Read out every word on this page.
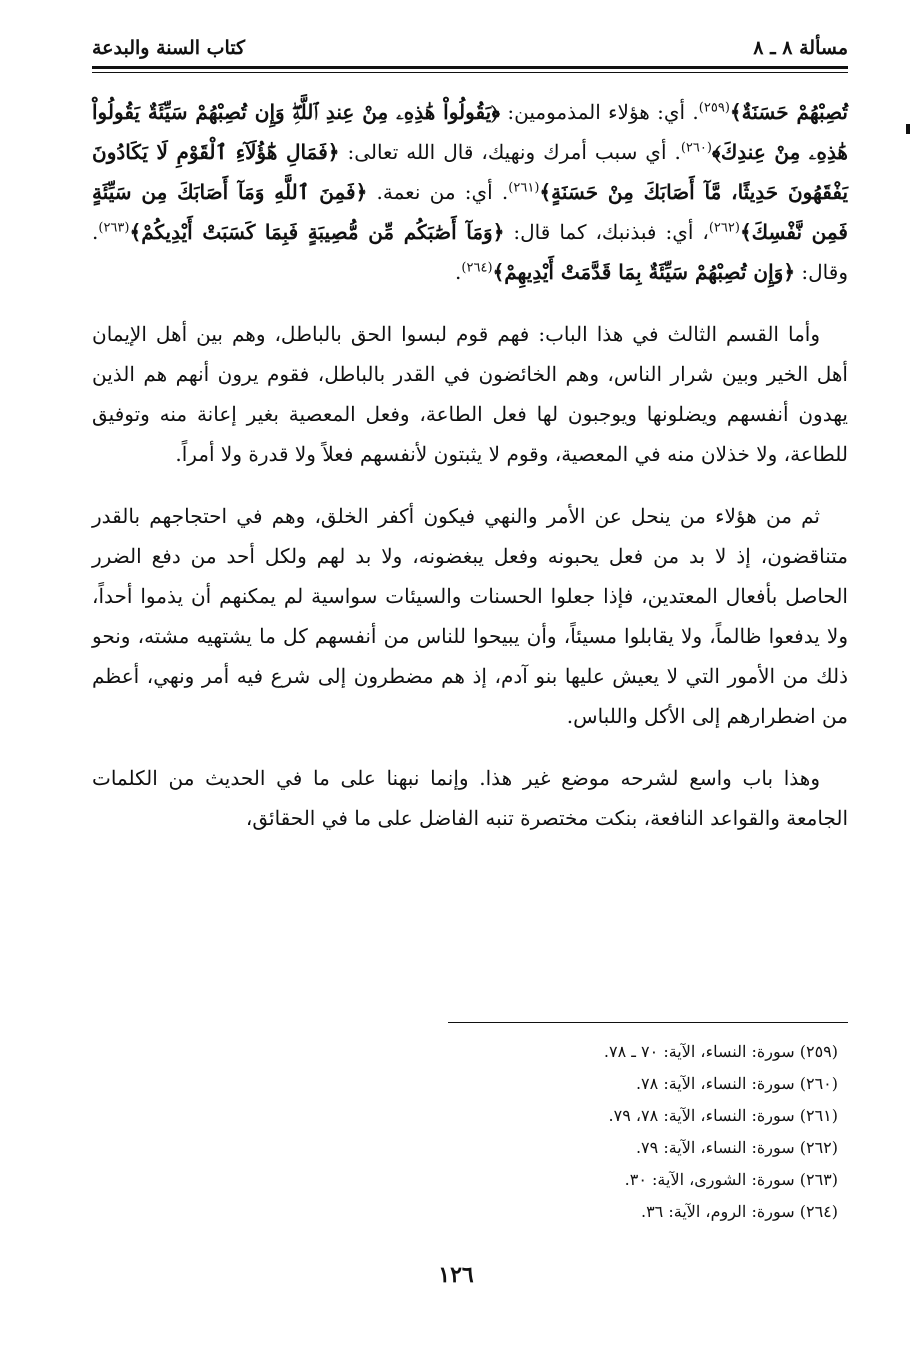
مسألة ٨ ـ ٨
كتاب السنة والبدعة

تُصِبْهُمْ حَسَنَةٌ﴾$^{(٢٥٩)}$. أي: هؤلاء المذمومين: ﴿يَقُولُواْ هَٰذِهِۦ مِنْ عِندِ ٱللَّهِۖ وَإِن تُصِبْهُمْ سَيِّئَةٌ يَقُولُواْ هَٰذِهِۦ مِنْ عِندِكَ﴾$^{(٢٦٠)}$. أي سبب أمرك ونهيك، قال الله تعالى: ﴿فَمَالِ هَٰٓؤُلَآءِ ٱلْقَوْمِ لَا يَكَادُونَ يَفْقَهُونَ حَدِيثًا، مَّآ أَصَابَكَ مِنْ حَسَنَةٍ﴾$^{(٢٦١)}$. أي: من نعمة. ﴿فَمِنَ ٱللَّهِ وَمَآ أَصَابَكَ مِن سَيِّئَةٍ فَمِن نَّفْسِكَ﴾$^{(٢٦٢)}$، أي: فبذنبك، كما قال: ﴿وَمَآ أَصَٰبَكُم مِّن مُّصِيبَةٍ فَبِمَا كَسَبَتْ أَيْدِيكُمْ﴾$^{(٢٦٣)}$. وقال: ﴿وَإِن تُصِبْهُمْ سَيِّئَةٌ بِمَا قَدَّمَتْ أَيْدِيهِمْ﴾$^{(٢٦٤)}$.

وأما القسم الثالث في هذا الباب: فهم قوم لبسوا الحق بالباطل، وهم بين أهل الإيمان أهل الخير وبين شرار الناس، وهم الخائضون في القدر بالباطل، فقوم يرون أنهم هم الذين يهدون أنفسهم ويضلونها ويوجبون لها فعل الطاعة، وفعل المعصية بغير إعانة منه وتوفيق للطاعة، ولا خذلان منه في المعصية، وقوم لا يثبتون لأنفسهم فعلاً ولا قدرة ولا أمراً.

ثم من هؤلاء من ينحل عن الأمر والنهي فيكون أكفر الخلق، وهم في احتجاجهم بالقدر متناقضون، إذ لا بد من فعل يحبونه وفعل يبغضونه، ولا بد لهم ولكل أحد من دفع الضرر الحاصل بأفعال المعتدين، فإذا جعلوا الحسنات والسيئات سواسية لم يمكنهم أن يذموا أحداً، ولا يدفعوا ظالماً، ولا يقابلوا مسيئاً، وأن يبيحوا للناس من أنفسهم كل ما يشتهيه مشته، ونحو ذلك من الأمور التي لا يعيش عليها بنو آدم، إذ هم مضطرون إلى شرع فيه أمر ونهي، أعظم من اضطرارهم إلى الأكل واللباس.

وهذا باب واسع لشرحه موضع غير هذا. وإنما نبهنا على ما في الحديث من الكلمات الجامعة والقواعد النافعة، بنكت مختصرة تنبه الفاضل على ما في الحقائق،

(٢٥٩) سورة: النساء، الآية: ٧٠ ـ ٧٨.
(٢٦٠) سورة: النساء، الآية: ٧٨.
(٢٦١) سورة: النساء، الآية: ٧٨، ٧٩.
(٢٦٢) سورة: النساء، الآية: ٧٩.
(٢٦٣) سورة: الشورى، الآية: ٣٠.
(٢٦٤) سورة: الروم، الآية: ٣٦.
١٢٦
